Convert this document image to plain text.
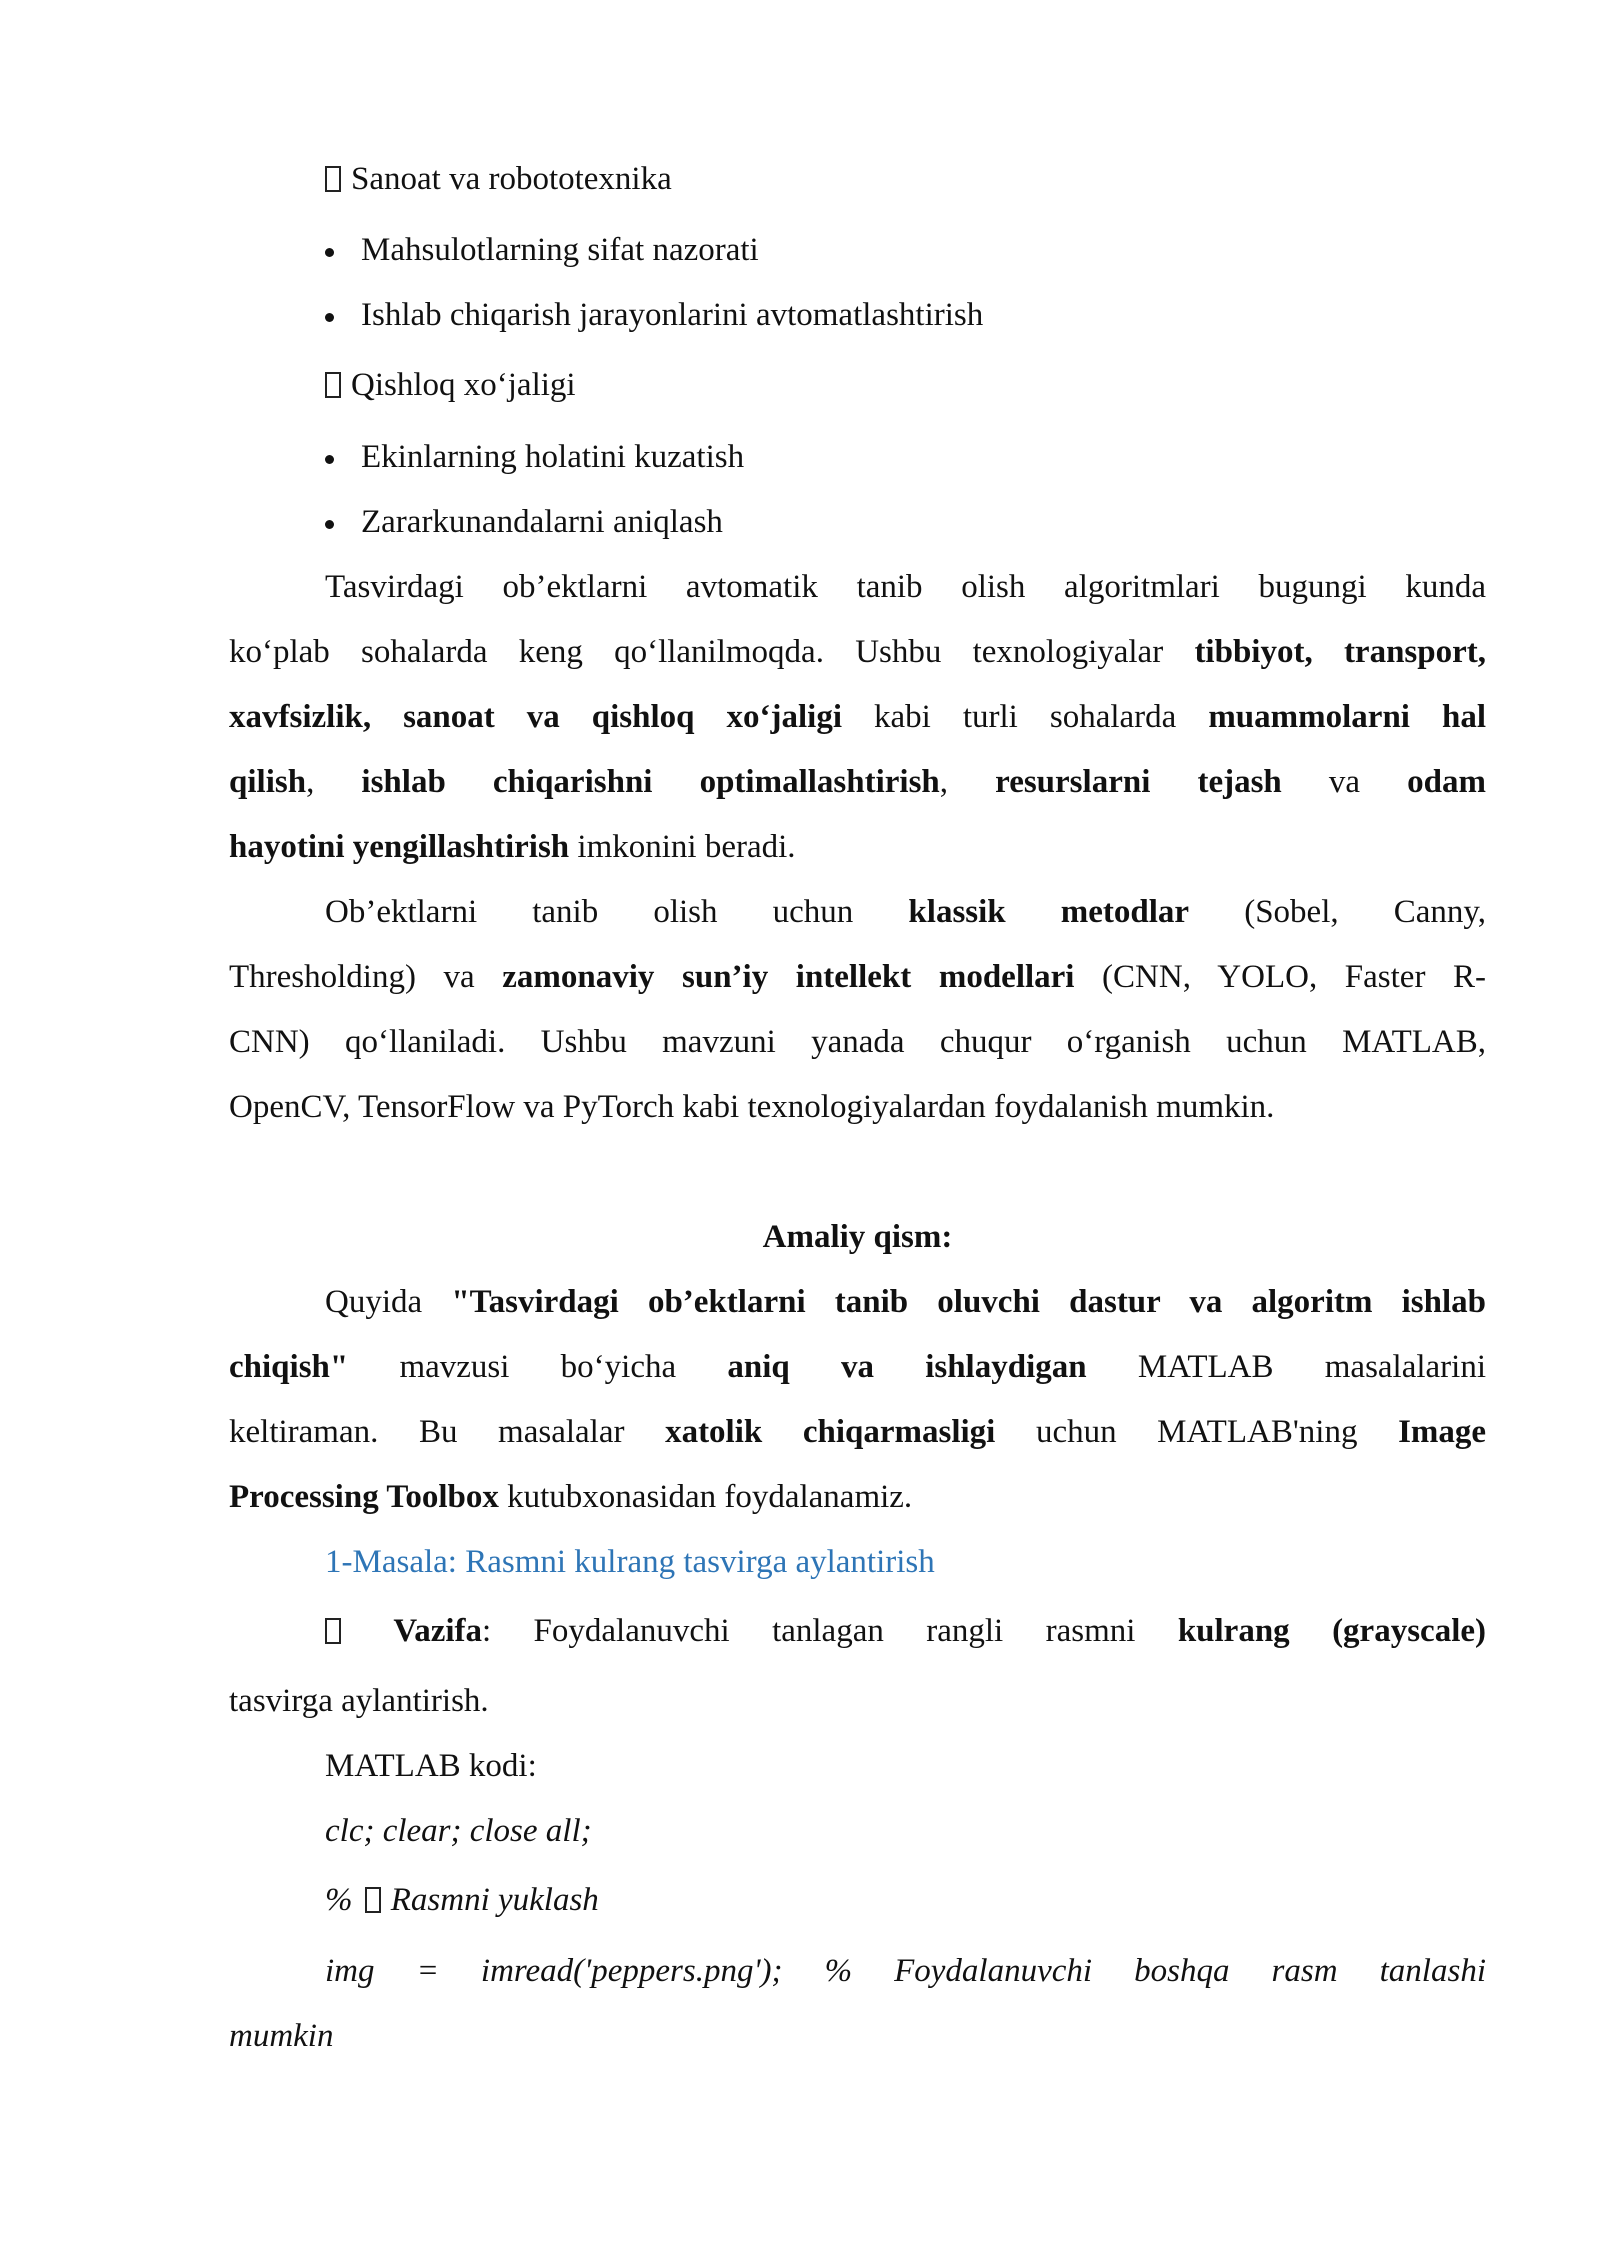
Sanoat va robototexnika
Mahsulotlarning sifat nazorati
Ishlab chiqarish jarayonlarini avtomatlashtirish
Qishloq xo‘jaligi
Ekinlarning holatini kuzatish
Zararkunandalarni aniqlash
Tasvirdagi ob’ektlarni avtomatik tanib olish algoritmlari bugungi kunda
ko‘plab sohalarda keng qo‘llanilmoqda. Ushbu texnologiyalar tibbiyot, transport,
xavfsizlik, sanoat va qishloq xo‘jaligi kabi turli sohalarda muammolarni hal
qilish, ishlab chiqarishni optimallashtirish, resurslarni tejash va odam
hayotini yengillashtirish imkonini beradi.
Ob’ektlarni tanib olish uchun klassik metodlar (Sobel, Canny,
Thresholding) va zamonaviy sun’iy intellekt modellari (CNN, YOLO, Faster R-
CNN) qo‘llaniladi. Ushbu mavzuni yanada chuqur o‘rganish uchun MATLAB,
OpenCV, TensorFlow va PyTorch kabi texnologiyalardan foydalanish mumkin.
Amaliy qism:
Quyida "Tasvirdagi ob’ektlarni tanib oluvchi dastur va algoritm ishlab
chiqish" mavzusi bo‘yicha aniq va ishlaydigan MATLAB masalalarini
keltiraman. Bu masalalar xatolik chiqarmasligi uchun MATLAB'ning Image
Processing Toolbox kutubxonasidan foydalanamiz.
1-Masala: Rasmni kulrang tasvirga aylantirish
Vazifa: Foydalanuvchi tanlagan rangli rasmni kulrang (grayscale)
tasvirga aylantirish.
MATLAB kodi:
clc; clear; close all;
% Rasmni yuklash
img = imread('peppers.png'); % Foydalanuvchi boshqa rasm tanlashi
mumkin
